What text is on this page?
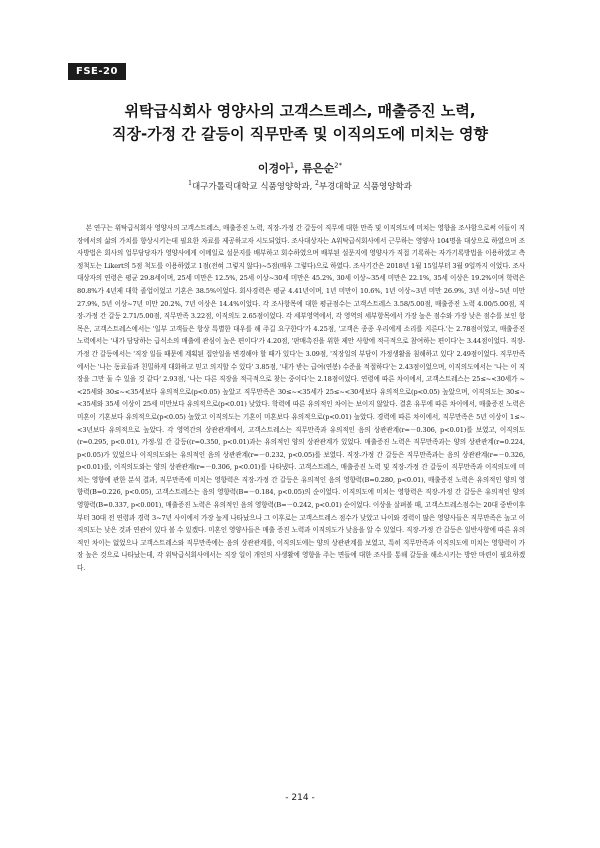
FSE-20
위탁급식회사 영양사의 고객스트레스, 매출증진 노력,
직장-가정 간 갈등이 직무만족 및 이직의도에 미치는 영향
이경아$^1$, 류은순$^{2*}$
$^1$대구가톨릭대학교 식품영양학과, $^2$부경대학교 식품영양학과

본 연구는 위탁급식회사 영양사의 고객스트레스, 매출증진 노력, 직장-가정 간 갈등이 직무에 대한 만족 및 이직의도에 미치는 영향을 조사함으로써 이들이 직장에서의 삶의 가치를 향상시키는데 필요한 자료를 제공하고자 시도되었다. 조사대상자는 A위탁급식회사에서 근무하는 영양사 104명을 대상으로 하였으며 조사방법은 회사의 업무담당자가 영양사에게 이메일로 설문지를 배부하고 회수하였으며 배부된 설문지에 영양사가 직접 기록하는 자가기록방법을 이용하였고 측정척도는 Likert의 5점 척도를 이용하였고 1점(전혀 그렇지 않다)~5점(매우 그렇다)으로 하였다. 조사기간은 2018년 1월 15일부터 3월 9일까지 이었다. 조사대상자의 연령은 평균 29.8세이며, 25세 미만은 12.5%, 25세 이상~30세 미만은 45.2%, 30세 이상~35세 미만은 22.1%, 35세 이상은 19.2%이며 학력은 80.8%가 4년제 대학 졸업이었고 기혼은 38.5%이었다. 회사경력은 평균 4.41년이며, 1년 미만이 10.6%, 1년 이상~3년 미만 26.9%, 3년 이상~5년 미만 27.9%, 5년 이상~7년 미만 20.2%, 7년 이상은 14.4%이었다. 각 조사항목에 대한 평균점수는 고객스트레스 3.58/5.00점, 매출증진 노력 4.00/5.00점, 직장-가정 간 갈등 2.71/5.00점, 직무만족 3.22점, 이직의도 2.65점이었다. 각 세부영역에서, 각 영역의 세부항목에서 가장 높은 점수와 가장 낮은 점수를 보인 항목은, 고객스트레스에서는 '일부 고객들은 항상 특별한 대우를 해 주길 요구한다'가 4.25점, '고객은 종종 우리에게 소리를 지른다.'는 2.78점이었고, 매출증진 노력에서는 '내가 담당하는 급식소의 매출에 관심이 높은 편이다'가 4.20점, '판매촉진을 위한 제안 사항에 적극적으로 참여하는 편이다'는 3.44점이었다. 직장-가정 간 갈등에서는 '직장 일들 때문에 계획된 집안일을 변경해야 할 때가 있다'는 3.09점, '직장일의 부담이 가정생활을 침해하고 있다' 2.49점이었다. 직무만족에서는 '나는 동료들과 친밀하게 대화하고 믿고 의지할 수 있다' 3.85점, '내가 받는 급여(연봉) 수준을 적절하다'는 2.43점이었으며, 이직의도에서는 '나는 이 직장을 그만 둘 수 있을 것 같다' 2.93점, '나는 다른 직장을 적극적으로 찾는 중이다'는 2.18점이었다. 연령에 따른 차이에서, 고객스트레스는 25≤~<30세가 ~<25세와 30≤~<35세보다 유의적으로(p<0.05) 높았고 직무만족은 30≤~<35세가 25≤~<30세보다 유의적으로(p<0.05) 높았으며, 이직의도는 30≤~<35세와 35세 이상이 25세 미만보다 유의적으로(p<0.01) 낮았다. 학력에 따른 유의적인 차이는 보이지 않았다. 결혼 유무에 따른 차이에서, 매출증진 노력은 미혼이 기혼보다 유의적으로(p<0.05) 높았고 이직의도는 기혼이 미혼보다 유의적으로(p<0.01) 높았다. 경력에 따른 차이에서, 직무만족은 5년 이상이 1≤~<3년보다 유의적으로 높았다. 각 영역간의 상관관계에서, 고객스트레스는 직무만족과 유의적인 음의 상관관계(r=－0.306, p<0.01)를 보였고, 이직의도(r=0.295, p<0.01), 가정-일 간 갈등((r=0.350, p<0.01)과는 유의적인 양의 상관관계가 있었다. 매출증진 노력은 직무만족과는 양의 상관관계(r=0.224, p<0.05)가 있었으나 이직의도와는 유의적인 음의 상관관계(r=－0.232, p<0.05)를 보였다. 직장-가정 간 갈등은 직무만족과는 음의 상관관계(r=－0.326, p<0.01)를, 이직의도와는 양의 상관관계(r=－0.306, p<0.01)를 나타냈다. 고객스트레스, 매출증진 노력 및 직장-가정 간 갈등이 직무만족과 이직의도에 미치는 영향에 관한 분석 결과, 직무만족에 미치는 영향력은 직장-가정 간 갈등은 유의적인 음의 영향력(B=0.280, p<0.01), 매출증진 노력은 유의적인 양의 영향력(B=0.226, p<0.05), 고객스트레스는 음의 영향력(B=－0.184, p<0.05)의 순이었다. 이직의도에 미치는 영향력은 직장-가정 간 갈등은 유의적인 양의 영향력(B=0.337, p<0.001), 매출증진 노력은 유의적인 음의 영향력(B=－0.242, p<0.01) 순이었다. 이상을 살펴볼 때, 고객스트레스점수는 20대 중반이후부터 30대 전 연령과 경력 3~7년 사이에서 가장 높게 나타났으나 그 이후로는 고객스트레스 점수가 낮았고 나이와 경력이 많은 영양사들은 직무만족은 높고 이직의도는 낮은 것과 연관이 있다 볼 수 있겠다. 미혼인 영양사들은 매출 증진 노력과 이직의도가 낮음을 알 수 있었다. 직장-가정 간 갈등은 일반사항에 따른 유의적인 차이는 없었으나 고객스트레스와 직무만족에는 음의 상관관계를, 이직의도에는 양의 상관관계를 보였고, 특히 직무만족과 이직의도에 미치는 영향력이 가장 높은 것으로 나타났는데, 각 위탁급식회사에서는 직장 일이 개인의 사생활에 영향을 주는 면들에 대한 조사를 통해 갈등을 해소시키는 방안 마련이 필요하겠다.

- 214 -
